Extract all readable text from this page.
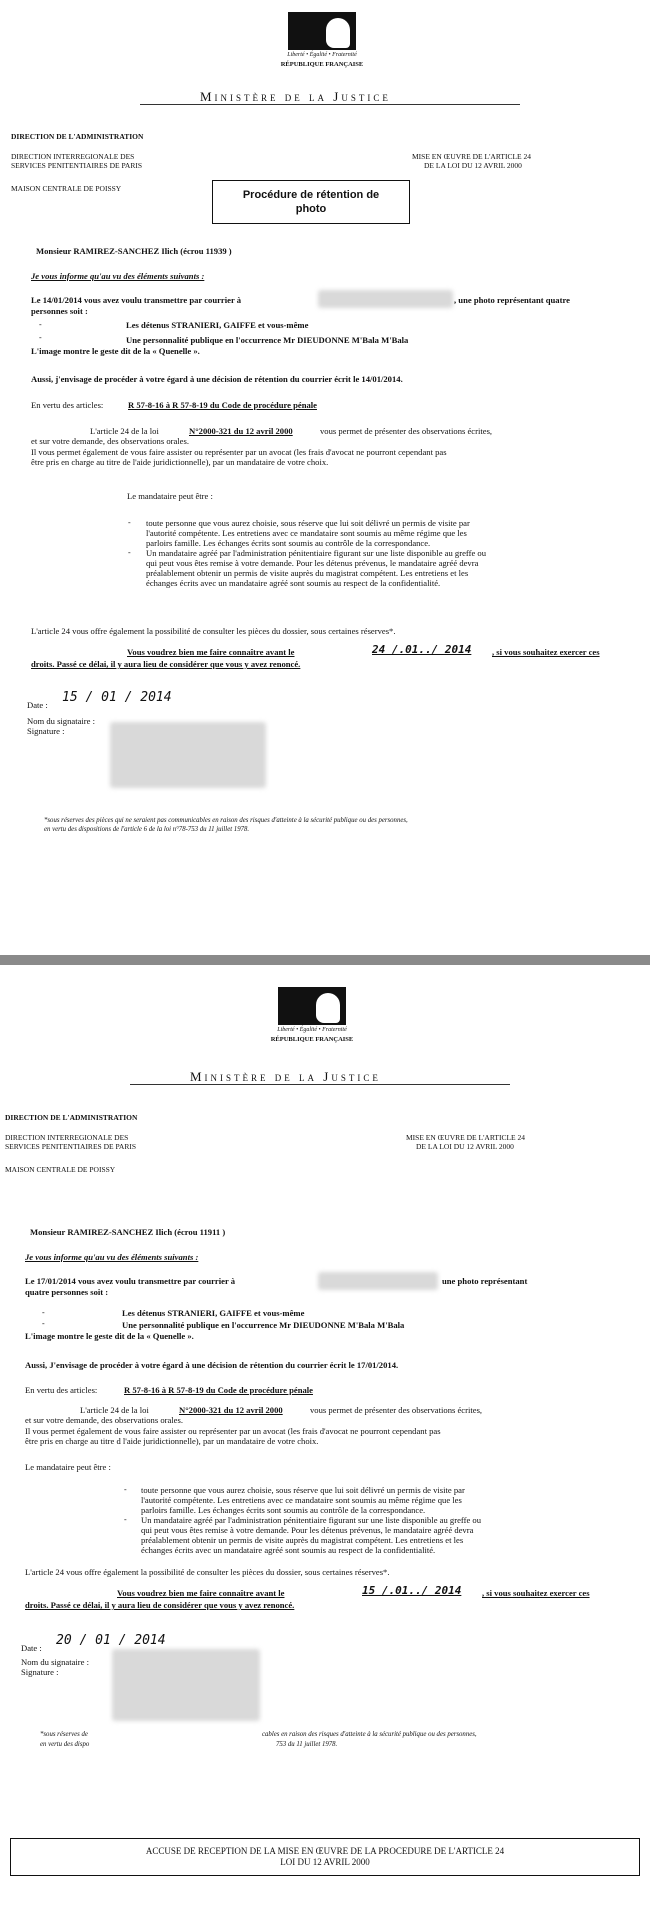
Liberté • Égalité • Fraternité
RÉPUBLIQUE FRANÇAISE
Ministère de la Justice
DIRECTION DE L'ADMINISTRATION
DIRECTION INTERREGIONALE DES
SERVICES PENITENTIAIRES DE PARIS
MAISON CENTRALE DE POISSY
MISE EN ŒUVRE DE L'ARTICLE 24
DE LA LOI DU 12 AVRIL 2000
Procédure de rétention de
photo
Monsieur RAMIREZ-SANCHEZ Ilich (écrou 11939 )
Je vous informe qu'au vu des éléments suivants :
Le 14/01/2014 vous avez voulu transmettre par courrier à	, une photo représentant quatre
personnes soit :
-	Les détenus STRANIERI, GAIFFE et vous-même
-	Une personnalité publique en l'occurrence Mr DIEUDONNE M'Bala M'Bala
L'image montre le geste dit de la « Quenelle ».
Aussi, j'envisage de procéder à votre égard à une décision de rétention du courrier écrit le 14/01/2014.
En vertu des articles:	R 57-8-16 à R 57-8-19 du Code de procédure pénale
L'article 24 de la loi	N°2000-321 du 12 avril 2000	vous permet de présenter des observations écrites,
et sur votre demande, des observations orales.
Il vous permet également de vous faire assister ou représenter par un avocat (les frais d'avocat ne pourront cependant pas
être pris en charge au titre de l'aide juridictionnelle), par un mandataire de votre choix.
Le mandataire peut être :
- toute personne que vous aurez choisie, sous réserve que lui soit délivré un permis de visite par
l'autorité compétente. Les entretiens avec ce mandataire sont soumis au même régime que les
parloirs famille. Les échanges écrits sont soumis au contrôle de la correspondance.
- Un mandataire agréé par l'administration pénitentiaire figurant sur une liste disponible au greffe ou
qui peut vous êtes remise à votre demande. Pour les détenus prévenus, le mandataire agréé devra
préalablement obtenir un permis de visite auprès du magistrat compétent. Les entretiens et les
échanges écrits avec un mandataire agréé sont soumis au respect de la confidentialité.
L'article 24 vous offre également la possibilité de consulter les pièces du dossier, sous certaines réserves*.
Vous voudrez bien me faire connaître avant le	24 /.01../ 2014 , si vous souhaitez exercer ces
droits. Passé ce délai, il y aura lieu de considérer que vous y avez renoncé.
Date : 15 / 01 / 2014
Nom du signataire :
Signature :
*sous réserves des pièces qui ne seraient pas communicables en raison des risques d'atteinte à la sécurité publique ou des personnes,
en vertu des dispositions de l'article 6 de la loi n°78-753 du 11 juillet 1978.
Liberté • Égalité • Fraternité
RÉPUBLIQUE FRANÇAISE
Ministère de la Justice
DIRECTION DE L'ADMINISTRATION
DIRECTION INTERREGIONALE DES
SERVICES PENITENTIAIRES DE PARIS
MAISON CENTRALE DE POISSY
MISE EN ŒUVRE DE L'ARTICLE 24
DE LA LOI DU 12 AVRIL 2000
Monsieur RAMIREZ-SANCHEZ Ilich (écrou 11911 )
Je vous informe qu'au vu des éléments suivants :
Le 17/01/2014 vous avez voulu transmettre par courrier à	une photo représentant
quatre personnes soit :
-	Les détenus STRANIERI, GAIFFE et vous-même
-	Une personnalité publique en l'occurrence Mr DIEUDONNE M'Bala M'Bala
L'image montre le geste dit de la « Quenelle ».
Aussi, J'envisage de procéder à votre égard à une décision de rétention du courrier écrit le 17/01/2014.
En vertu des articles:	R 57-8-16 à R 57-8-19 du Code de procédure pénale
L'article 24 de la loi	N°2000-321 du 12 avril 2000	vous permet de présenter des observations écrites,
et sur votre demande, des observations orales.
Il vous permet également de vous faire assister ou représenter par un avocat (les frais d'avocat ne pourront cependant pas
être pris en charge au titre d l'aide juridictionnelle), par un mandataire de votre choix.
Le mandataire peut être :
- toute personne que vous aurez choisie, sous réserve que lui soit délivré un permis de visite par
l'autorité compétente. Les entretiens avec ce mandataire sont soumis au même régime que les
parloirs famille. Les échanges écrits sont soumis au contrôle de la correspondance.
- Un mandataire agréé par l'administration pénitentiaire figurant sur une liste disponible au greffe ou
qui peut vous êtes remise à votre demande. Pour les détenus prévenus, le mandataire agréé devra
préalablement obtenir un permis de visite auprès du magistrat compétent. Les entretiens et les
échanges écrits avec un mandataire agréé sont soumis au respect de la confidentialité.
L'article 24 vous offre également la possibilité de consulter les pièces du dossier, sous certaines réserves*.
Vous voudrez bien me faire connaître avant le	15 /.01../ 2014 , si vous souhaitez exercer ces
droits. Passé ce délai, il y aura lieu de considérer que vous y avez renoncé.
Date : 20 / 01 / 2014
Nom du signataire :
Signature :
*sous réserves de	cables en raison des risques d'atteinte à la sécurité publique ou des personnes,
en vertu des dispo	753 du 11 juillet 1978.
ACCUSE DE RECEPTION DE LA MISE EN ŒUVRE DE LA PROCEDURE DE L'ARTICLE 24
LOI DU 12 AVRIL 2000
